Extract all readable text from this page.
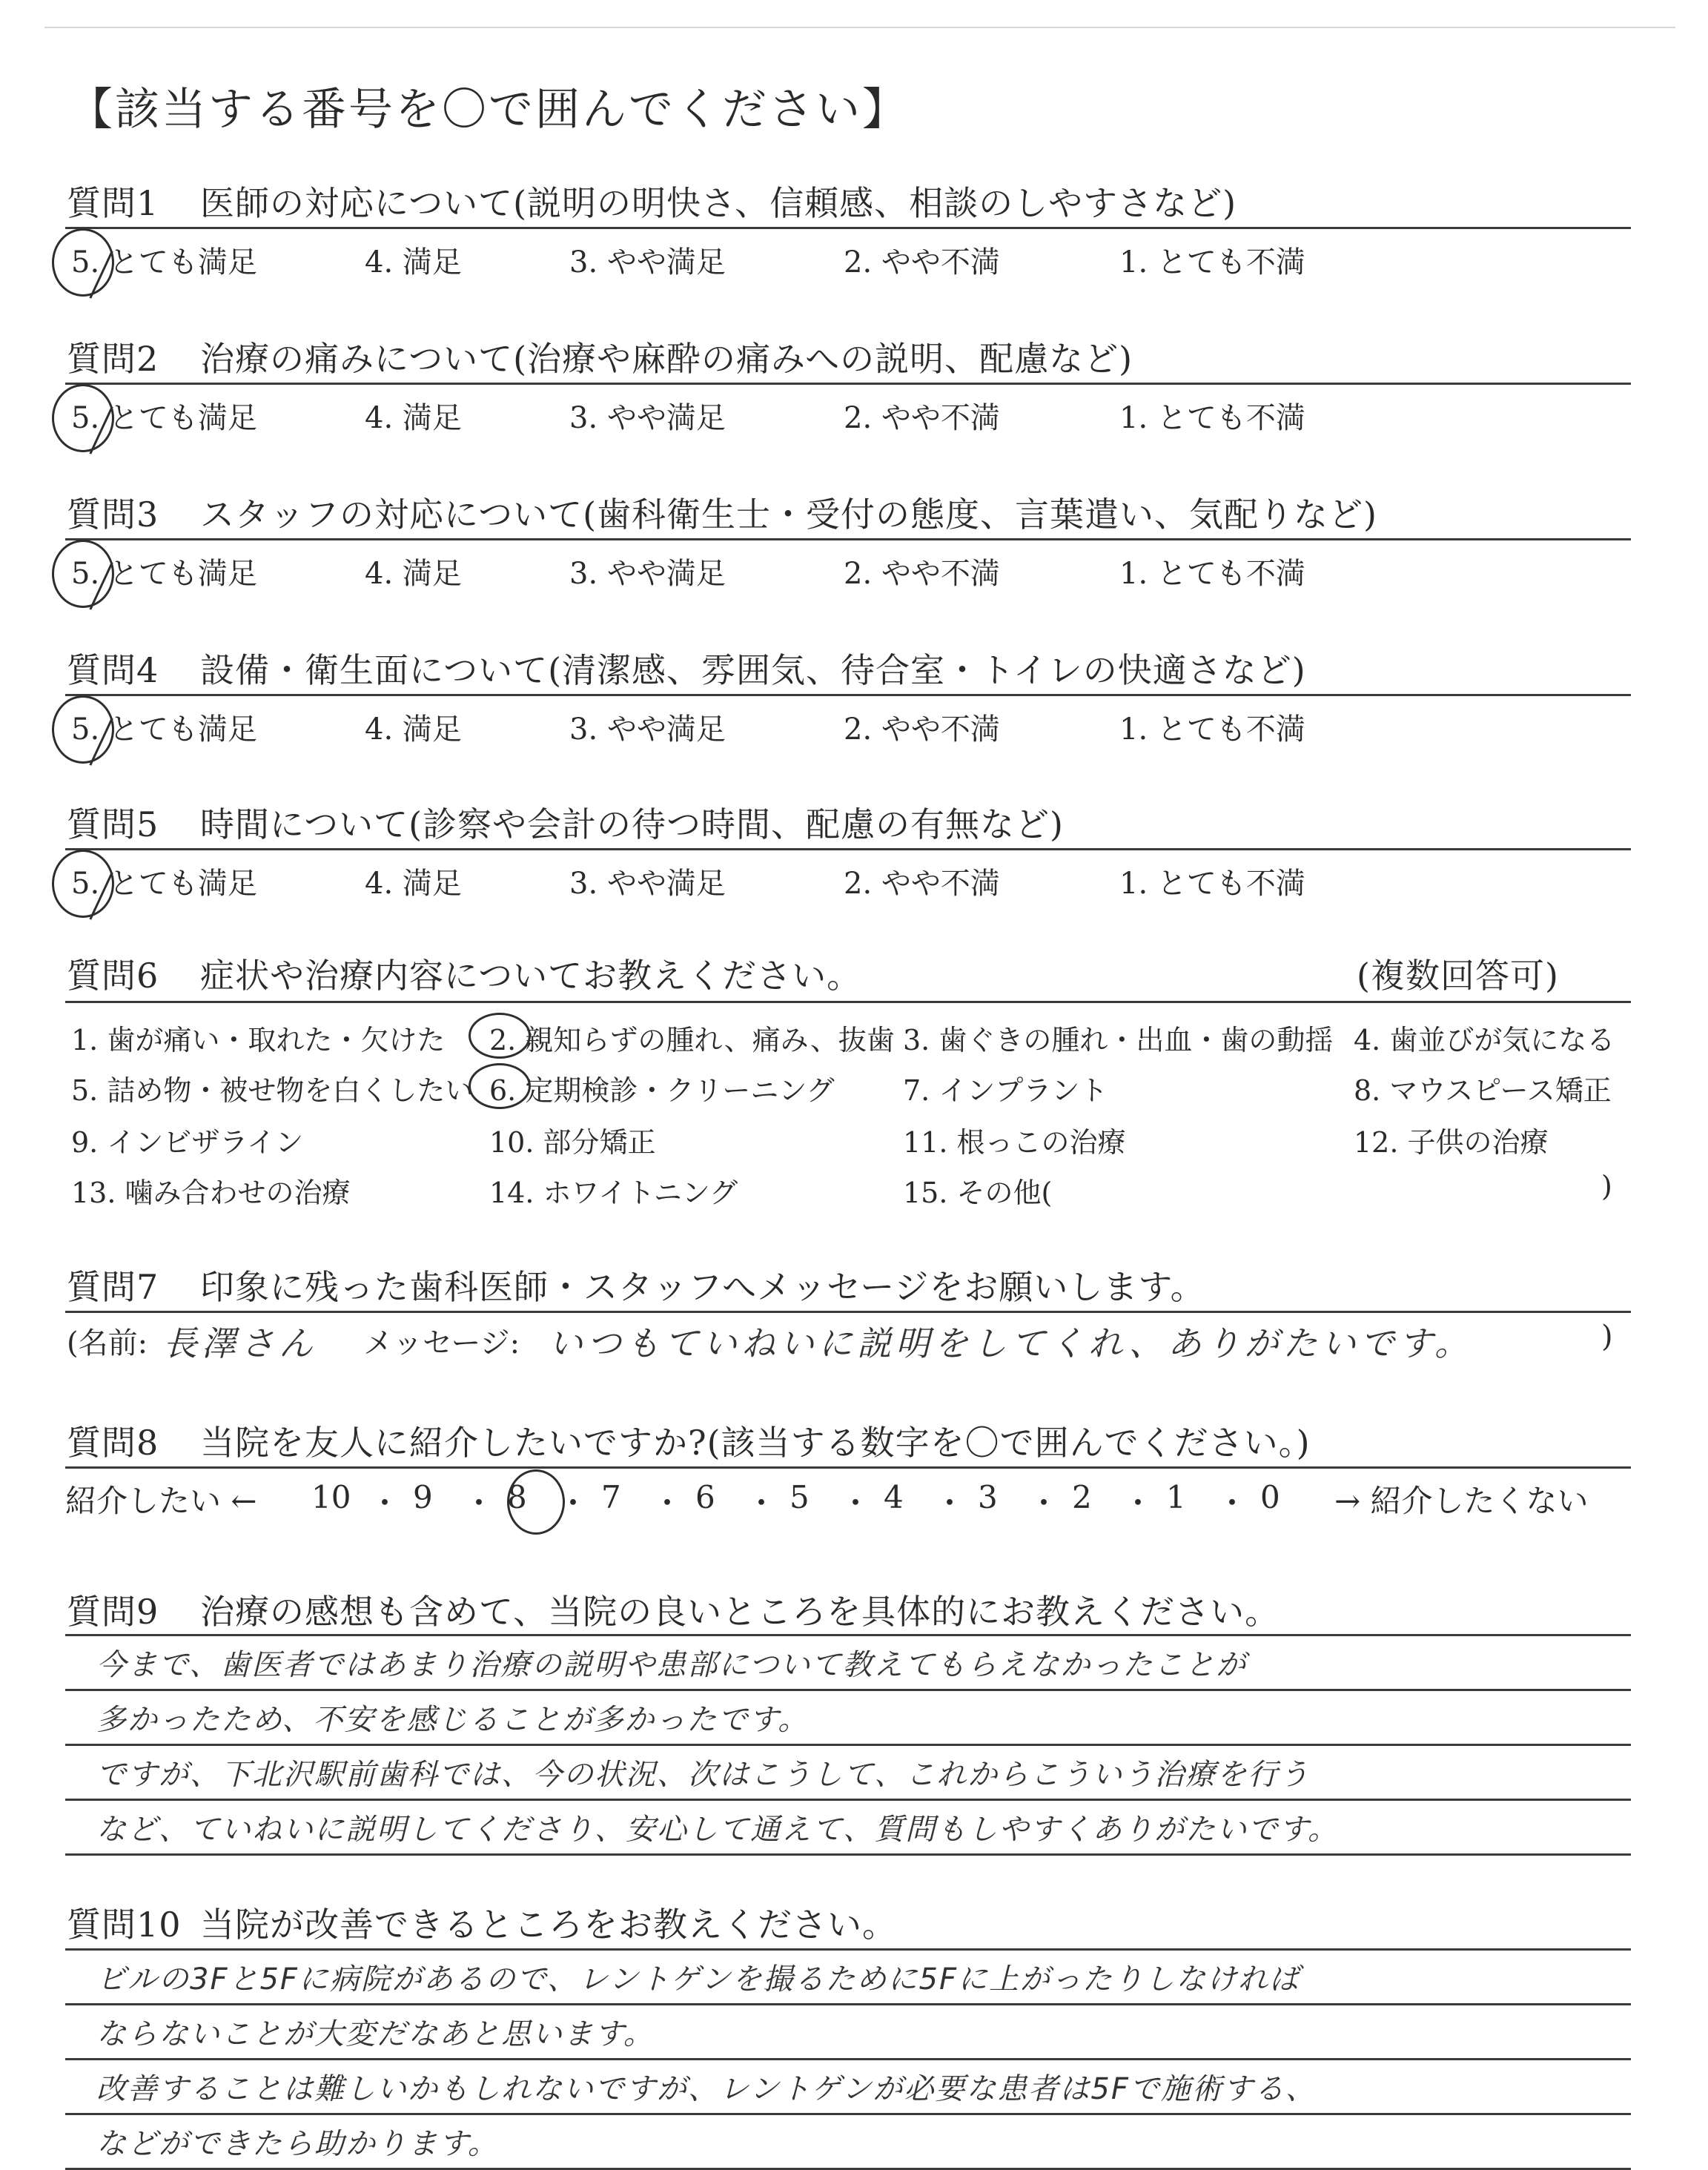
【該当する番号を〇で囲んでください】
質問1 医師の対応について(説明の明快さ、信頼感、相談のしやすさなど)
5. とても満足	4. 満足	3. やや満足	2. やや不満	1. とても不満
質問2 治療の痛みについて(治療や麻酔の痛みへの説明、配慮など)
5. とても満足	4. 満足	3. やや満足	2. やや不満	1. とても不満
質問3 スタッフの対応について(歯科衛生士・受付の態度、言葉遣い、気配りなど)
5. とても満足	4. 満足	3. やや満足	2. やや不満	1. とても不満
質問4 設備・衛生面について(清潔感、雰囲気、待合室・トイレの快適さなど)
5. とても満足	4. 満足	3. やや満足	2. やや不満	1. とても不満
質問5 時間について(診察や会計の待つ時間、配慮の有無など)
5. とても満足	4. 満足	3. やや満足	2. やや不満	1. とても不満
質問6 症状や治療内容についてお教えください。	(複数回答可)
1. 歯が痛い・取れた・欠けた 2. 親知らずの腫れ、痛み、抜歯 3. 歯ぐきの腫れ・出血・歯の動揺 4. 歯並びが気になる
5. 詰め物・被せ物を白くしたい 6. 定期検診・クリーニング 7. インプラント	8. マウスピース矯正
9. インビザライン	10. 部分矯正	11. 根っこの治療	12. 子供の治療
13. 噛み合わせの治療	14. ホワイトニング	15. その他(	)
質問7 印象に残った歯科医師・スタッフへメッセージをお願いします。
(名前: 長澤さん メッセージ: いつもていねいに説明をしてくれ、ありがたいです。	)
質問8 当院を友人に紹介したいですか?(該当する数字を〇で囲んでください。)
紹介したい ← 10 ・ 9 ・ 8 ・ 7 ・ 6 ・ 5 ・ 4 ・ 3 ・ 2 ・ 1 ・ 0 → 紹介したくない
質問9 治療の感想も含めて、当院の良いところを具体的にお教えください。
今まで、歯医者ではあまり治療の説明や患部について教えてもらえなかったことが
多かったため、不安を感じることが多かったです。
ですが、下北沢駅前歯科では、今の状況、次はこうして、これからこういう治療を行う
など、ていねいに説明してくださり、安心して通えて、質問もしやすくありがたいです。
質問10 当院が改善できるところをお教えください。
ビルの3Fと5Fに病院があるので、レントゲンを撮るために5Fに上がったりしなければ
ならないことが大変だなあと思います。
改善することは難しいかもしれないですが、レントゲンが必要な患者は5Fで施術する、
などができたら助かります。
